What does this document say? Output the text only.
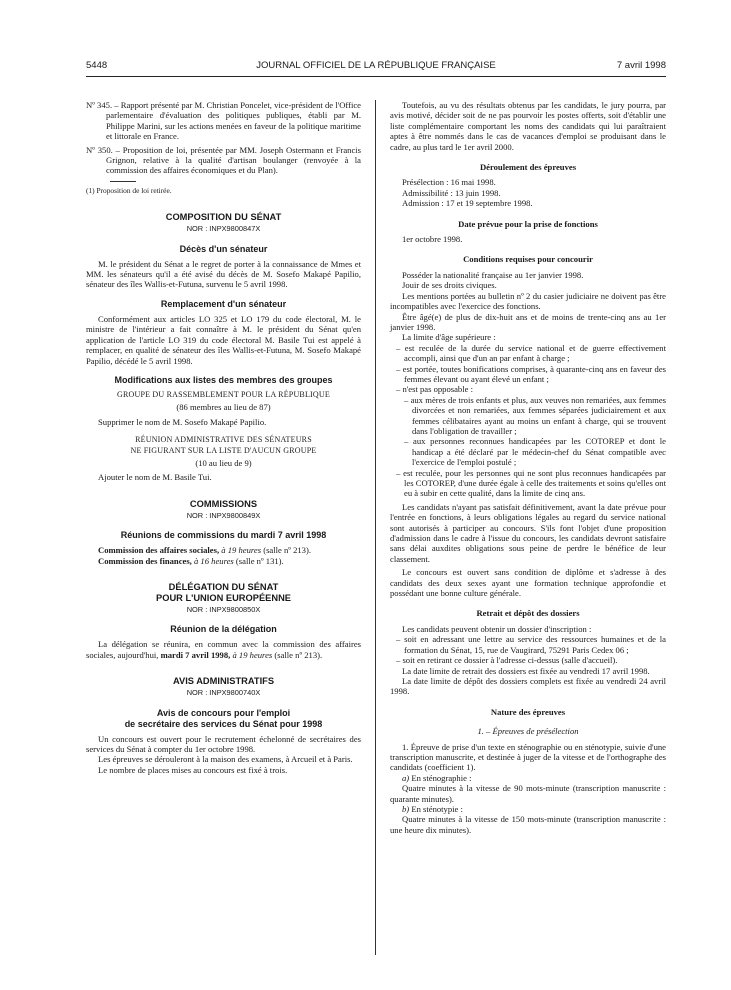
5448	JOURNAL OFFICIEL DE LA RÉPUBLIQUE FRANÇAISE	7 avril 1998

Nº 345. – Rapport présenté par M. Christian Poncelet, vice-président de l'Office parlementaire d'évaluation des politiques publiques, établi par M. Philippe Marini, sur les actions menées en faveur de la politique maritime et littorale en France.

Nº 350. – Proposition de loi, présentée par MM. Joseph Ostermann et Francis Grignon, relative à la qualité d'artisan boulanger (renvoyée à la commission des affaires économiques et du Plan).

(1) Proposition de loi retirée.

COMPOSITION DU SÉNAT
NOR : INPX9800847X
Décès d'un sénateur

M. le président du Sénat a le regret de porter à la connaissance de Mmes et MM. les sénateurs qu'il a été avisé du décès de M. Sosefo Makapé Papilio, sénateur des îles Wallis-et-Futuna, survenu le 5 avril 1998.

Remplacement d'un sénateur

Conformément aux articles LO 325 et LO 179 du code électoral, M. le ministre de l'intérieur a fait connaître à M. le président du Sénat qu'en application de l'article LO 319 du code électoral M. Basile Tui est appelé à remplacer, en qualité de sénateur des îles Wallis-et-Futuna, M. Sosefo Makapé Papilio, décédé le 5 avril 1998.

Modifications aux listes des membres des groupes

GROUPE DU RASSEMBLEMENT POUR LA RÉPUBLIQUE

(86 membres au lieu de 87)

Supprimer le nom de M. Sosefo Makapé Papilio.

RÉUNION ADMINISTRATIVE DES SÉNATEURS

NE FIGURANT SUR LA LISTE D'AUCUN GROUPE

(10 au lieu de 9)

Ajouter le nom de M. Basile Tui.

COMMISSIONS
NOR : INPX9800849X
Réunions de commissions du mardi 7 avril 1998

Commission des affaires sociales, à 19 heures (salle nº 213).

Commission des finances, à 16 heures (salle nº 131).

DÉLÉGATION DU SÉNAT
POUR L'UNION EUROPÉENNE
NOR : INPX9800850X
Réunion de la délégation

La délégation se réunira, en commun avec la commission des affaires sociales, aujourd'hui, mardi 7 avril 1998, à 19 heures (salle nº 213).

AVIS ADMINISTRATIFS
NOR : INPX9800740X
Avis de concours pour l'emploi
de secrétaire des services du Sénat pour 1998

Un concours est ouvert pour le recrutement échelonné de secrétaires des services du Sénat à compter du 1er octobre 1998.

Les épreuves se dérouleront à la maison des examens, à Arcueil et à Paris.

Le nombre de places mises au concours est fixé à trois.

Toutefois, au vu des résultats obtenus par les candidats, le jury pourra, par avis motivé, décider soit de ne pas pourvoir les postes offerts, soit d'établir une liste complémentaire comportant les noms des candidats qui lui paraîtraient aptes à être nommés dans le cas de vacances d'emploi se produisant dans le cadre, au plus tard le 1er avril 2000.

Déroulement des épreuves

Présélection : 16 mai 1998.

Admissibilité : 13 juin 1998.

Admission : 17 et 19 septembre 1998.

Date prévue pour la prise de fonctions

1er octobre 1998.

Conditions requises pour concourir

Posséder la nationalité française au 1er janvier 1998.

Jouir de ses droits civiques.

Les mentions portées au bulletin nº 2 du casier judiciaire ne doivent pas être incompatibles avec l'exercice des fonctions.

Être âgé(e) de plus de dix-huit ans et de moins de trente-cinq ans au 1er janvier 1998.

La limite d'âge supérieure :

– est reculée de la durée du service national et de guerre effectivement accompli, ainsi que d'un an par enfant à charge ;

– est portée, toutes bonifications comprises, à quarante-cinq ans en faveur des femmes élevant ou ayant élevé un enfant ;

– n'est pas opposable :

– aux mères de trois enfants et plus, aux veuves non remariées, aux femmes divorcées et non remariées, aux femmes séparées judiciairement et aux femmes célibataires ayant au moins un enfant à charge, qui se trouvent dans l'obligation de travailler ;

– aux personnes reconnues handicapées par les COTOREP et dont le handicap a été déclaré par le médecin-chef du Sénat compatible avec l'exercice de l'emploi postulé ;

– est reculée, pour les personnes qui ne sont plus reconnues handicapées par les COTOREP, d'une durée égale à celle des traitements et soins qu'elles ont eu à subir en cette qualité, dans la limite de cinq ans.

Les candidats n'ayant pas satisfait définitivement, avant la date prévue pour l'entrée en fonctions, à leurs obligations légales au regard du service national sont autorisés à participer au concours. S'ils font l'objet d'une proposition d'admission dans le cadre à l'issue du concours, les candidats devront satisfaire sans délai auxdites obligations sous peine de perdre le bénéfice de leur classement.

Le concours est ouvert sans condition de diplôme et s'adresse à des candidats des deux sexes ayant une formation technique approfondie et possédant une bonne culture générale.

Retrait et dépôt des dossiers

Les candidats peuvent obtenir un dossier d'inscription :

– soit en adressant une lettre au service des ressources humaines et de la formation du Sénat, 15, rue de Vaugirard, 75291 Paris Cedex 06 ;

– soit en retirant ce dossier à l'adresse ci-dessus (salle d'accueil).

La date limite de retrait des dossiers est fixée au vendredi 17 avril 1998.

La date limite de dépôt des dossiers complets est fixée au vendredi 24 avril 1998.

Nature des épreuves
1. – Épreuves de présélection

1. Épreuve de prise d'un texte en sténographie ou en sténotypie, suivie d'une transcription manuscrite, et destinée à juger de la vitesse et de l'orthographe des candidats (coefficient 1).

a) En sténographie :

Quatre minutes à la vitesse de 90 mots-minute (transcription manuscrite : quarante minutes).

b) En sténotypie :

Quatre minutes à la vitesse de 150 mots-minute (transcription manuscrite : une heure dix minutes).
